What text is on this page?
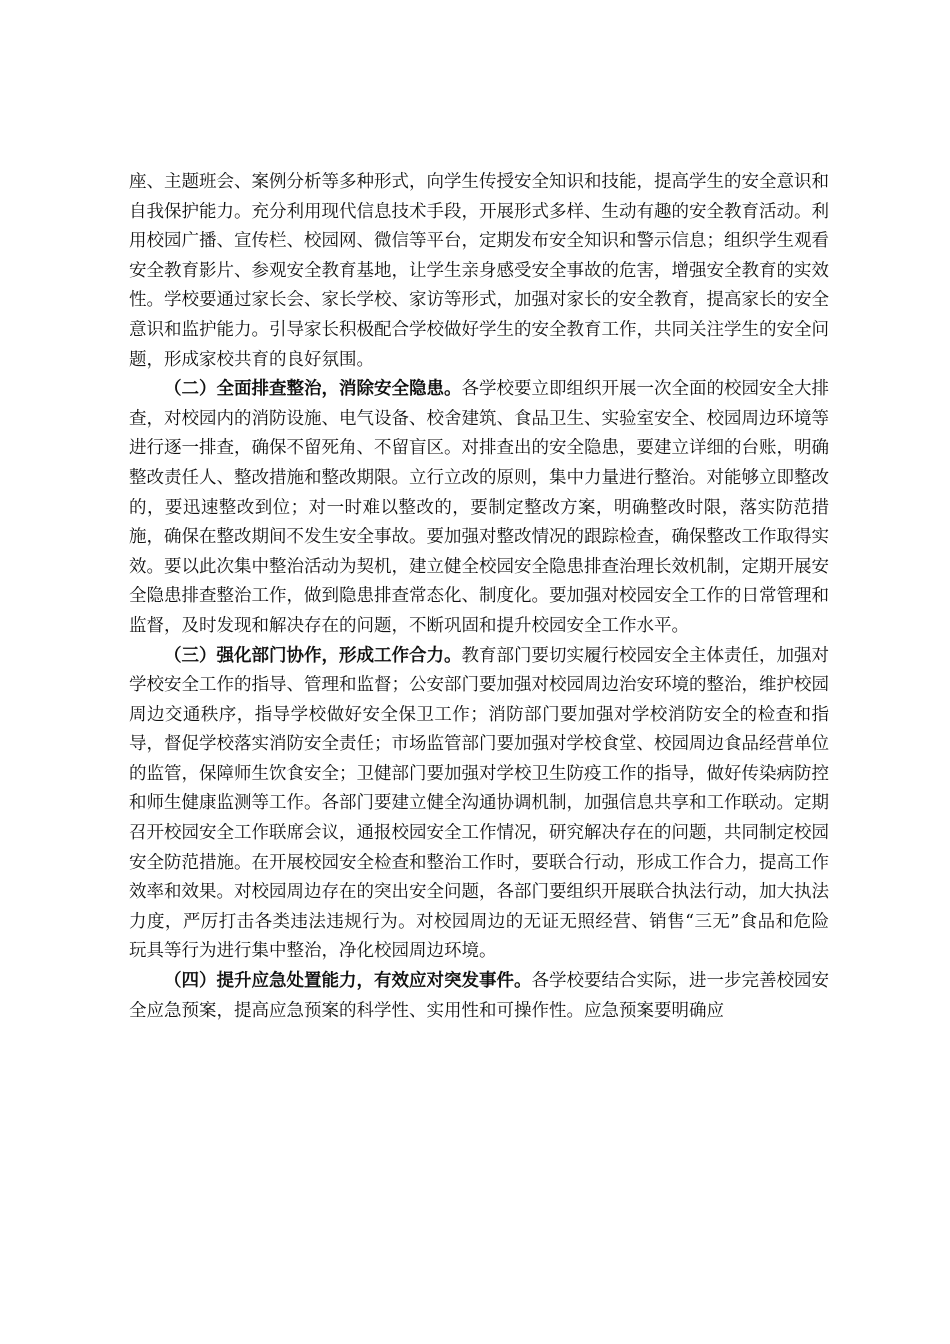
座、主题班会、案例分析等多种形式，向学生传授安全知识和技能，提高学生的安全意识和自我保护能力。充分利用现代信息技术手段，开展形式多样、生动有趣的安全教育活动。利用校园广播、宣传栏、校园网、微信等平台，定期发布安全知识和警示信息；组织学生观看安全教育影片、参观安全教育基地，让学生亲身感受安全事故的危害，增强安全教育的实效性。学校要通过家长会、家长学校、家访等形式，加强对家长的安全教育，提高家长的安全意识和监护能力。引导家长积极配合学校做好学生的安全教育工作，共同关注学生的安全问题，形成家校共育的良好氛围。

（二）全面排查整治，消除安全隐患。各学校要立即组织开展一次全面的校园安全大排查，对校园内的消防设施、电气设备、校舍建筑、食品卫生、实验室安全、校园周边环境等进行逐一排查，确保不留死角、不留盲区。对排查出的安全隐患，要建立详细的台账，明确整改责任人、整改措施和整改期限。立行立改的原则，集中力量进行整治。对能够立即整改的，要迅速整改到位；对一时难以整改的，要制定整改方案，明确整改时限，落实防范措施，确保在整改期间不发生安全事故。要加强对整改情况的跟踪检查，确保整改工作取得实效。要以此次集中整治活动为契机，建立健全校园安全隐患排查治理长效机制，定期开展安全隐患排查整治工作，做到隐患排查常态化、制度化。要加强对校园安全工作的日常管理和监督，及时发现和解决存在的问题，不断巩固和提升校园安全工作水平。

（三）强化部门协作，形成工作合力。教育部门要切实履行校园安全主体责任，加强对学校安全工作的指导、管理和监督；公安部门要加强对校园周边治安环境的整治，维护校园周边交通秩序，指导学校做好安全保卫工作；消防部门要加强对学校消防安全的检查和指导，督促学校落实消防安全责任；市场监管部门要加强对学校食堂、校园周边食品经营单位的监管，保障师生饮食安全；卫健部门要加强对学校卫生防疫工作的指导，做好传染病防控和师生健康监测等工作。各部门要建立健全沟通协调机制，加强信息共享和工作联动。定期召开校园安全工作联席会议，通报校园安全工作情况，研究解决存在的问题，共同制定校园安全防范措施。在开展校园安全检查和整治工作时，要联合行动，形成工作合力，提高工作效率和效果。对校园周边存在的突出安全问题，各部门要组织开展联合执法行动，加大执法力度，严厉打击各类违法违规行为。对校园周边的无证无照经营、销售“三无”食品和危险玩具等行为进行集中整治，净化校园周边环境。

（四）提升应急处置能力，有效应对突发事件。各学校要结合实际，进一步完善校园安全应急预案，提高应急预案的科学性、实用性和可操作性。应急预案要明确应
